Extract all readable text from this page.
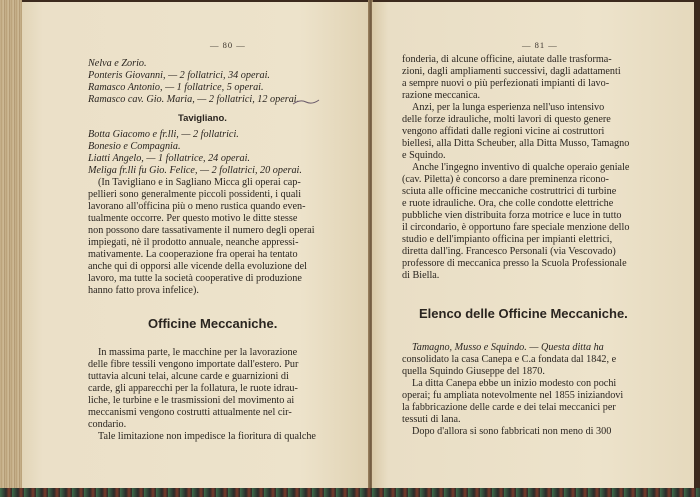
— 80 —
Nelva e Zorio.
Ponteris Giovanni, — 2 follatrici, 34 operai.
Ramasco Antonio, — 1 follatrice, 5 operai.
Ramasco cav. Gio. Maria, — 2 follatrici, 12 operai.
Tavigliano.
Botta Giacomo e fr.lli, — 2 follatrici.
Bonesio e Compagnia.
Liatti Angelo, — 1 follatrice, 24 operai.
Meliga fr.lli fu Gio. Felice, — 2 follatrici, 20 operai.
(In Tavigliano e in Sagliano Micca gli operai cap-
pellieri sono generalmente piccoli possidenti, i quali
lavorano all'officina più o meno rustica quando even-
tualmente occorre. Per questo motivo le ditte stesse
non possono dare tassativamente il numero degli operai
impiegati, nè il prodotto annuale, neanche appressi-
mativamente. La cooperazione fra operai ha tentato
anche qui di opporsi alle vicende della evoluzione del
lavoro, ma tutte la società cooperative di produzione
hanno fatto prova infelice).
Officine Meccaniche.
In massima parte, le macchine per la lavorazione
delle fibre tessili vengono importate dall'estero. Pur
tuttavia alcuni telai, alcune carde e guarnizioni di
carde, gli apparecchi per la follatura, le ruote idrau-
liche, le turbine e le trasmissioni del movimento ai
meccanismi vengono costrutti attualmente nel cir-
condario.
Tale limitazione non impedisce la fioritura di qualche
— 81 —
fonderia, di alcune officine, aiutate dalle trasforma-
zioni, dagli ampliamenti successivi, dagli adattamenti
a sempre nuovi o più perfezionati impianti di lavo-
razione meccanica.
Anzi, per la lunga esperienza nell'uso intensivo
delle forze idrauliche, molti lavori di questo genere
vengono affidati dalle regioni vicine ai costruttori
biellesi, alla Ditta Scheuber, alla Ditta Musso, Tamagno
e Squindo.
Anche l'ingegno inventivo di qualche operaio geniale
(cav. Piletta) è concorso a dare preminenza ricono-
sciuta alle officine meccaniche costruttrici di turbine
e ruote idrauliche. Ora, che colle condotte elettriche
pubbliche vien distribuita forza motrice e luce in tutto
il circondario, è opportuno fare speciale menzione dello
studio e dell'impianto officina per impianti elettrici,
diretta dall'ing. Francesco Personali (via Vescovado)
professore di meccanica presso la Scuola Professionale
di Biella.
Elenco delle Officine Meccaniche.
Tamagno, Musso e Squindo. — Questa ditta ha
consolidato la casa Canepa e C.a fondata dal 1842, e
quella Squindo Giuseppe del 1870.
La ditta Canepa ebbe un inizio modesto con pochi
operai; fu ampliata notevolmente nel 1855 iniziandovi
la fabbricazione delle carde e dei telai meccanici per
tessuti di lana.
Dopo d'allora si sono fabbricati non meno di 300
